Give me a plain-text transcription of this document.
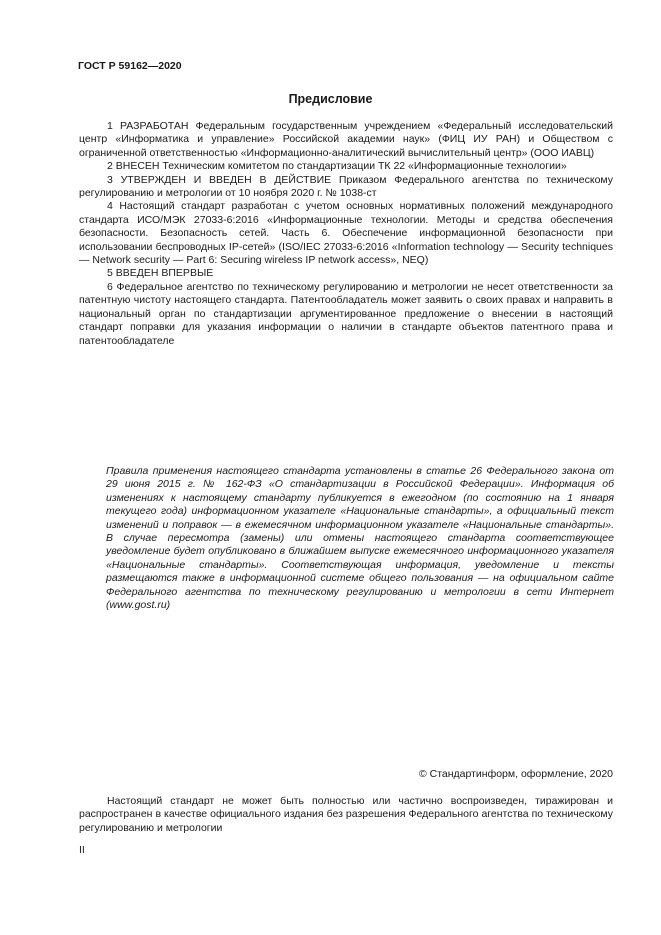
ГОСТ Р 59162—2020
Предисловие

1 РАЗРАБОТАН Федеральным государственным учреждением «Федеральный исследовательский центр «Информатика и управление» Российской академии наук» (ФИЦ ИУ РАН) и Обществом с ограниченной ответственностью «Информационно-аналитический вычислительный центр» (ООО ИАВЦ)

2 ВНЕСЕН Техническим комитетом по стандартизации ТК 22 «Информационные технологии»

3 УТВЕРЖДЕН И ВВЕДЕН В ДЕЙСТВИЕ Приказом Федерального агентства по техническому регулированию и метрологии от 10 ноября 2020 г. № 1038-ст

4 Настоящий стандарт разработан с учетом основных нормативных положений международного стандарта ИСО/МЭК 27033-6:2016 «Информационные технологии. Методы и средства обеспечения безопасности. Безопасность сетей. Часть 6. Обеспечение информационной безопасности при использовании беспроводных IP-сетей» (ISO/IEC 27033-6:2016 «Information technology — Security techniques — Network security — Part 6: Securing wireless IP network access», NEQ)

5 ВВЕДЕН ВПЕРВЫЕ

6 Федеральное агентство по техническому регулированию и метрологии не несет ответственности за патентную чистоту настоящего стандарта. Патентообладатель может заявить о своих правах и направить в национальный орган по стандартизации аргументированное предложение о внесении в настоящий стандарт поправки для указания информации о наличии в стандарте объектов патентного права и патентообладателе

Правила применения настоящего стандарта установлены в статье 26 Федерального закона от 29 июня 2015 г. № 162-ФЗ «О стандартизации в Российской Федерации». Информация об изменениях к настоящему стандарту публикуется в ежегодном (по состоянию на 1 января текущего года) информационном указателе «Национальные стандарты», а официальный текст изменений и поправок — в ежемесячном информационном указателе «Национальные стандарты». В случае пересмотра (замены) или отмены настоящего стандарта соответствующее уведомление будет опубликовано в ближайшем выпуске ежемесячного информационного указателя «Национальные стандарты». Соответствующая информация, уведомление и тексты размещаются также в информационной системе общего пользования — на официальном сайте Федерального агентства по техническому регулированию и метрологии в сети Интернет (www.gost.ru)

© Стандартинформ, оформление, 2020

Настоящий стандарт не может быть полностью или частично воспроизведен, тиражирован и распространен в качестве официального издания без разрешения Федерального агентства по техническому регулированию и метрологии

II
